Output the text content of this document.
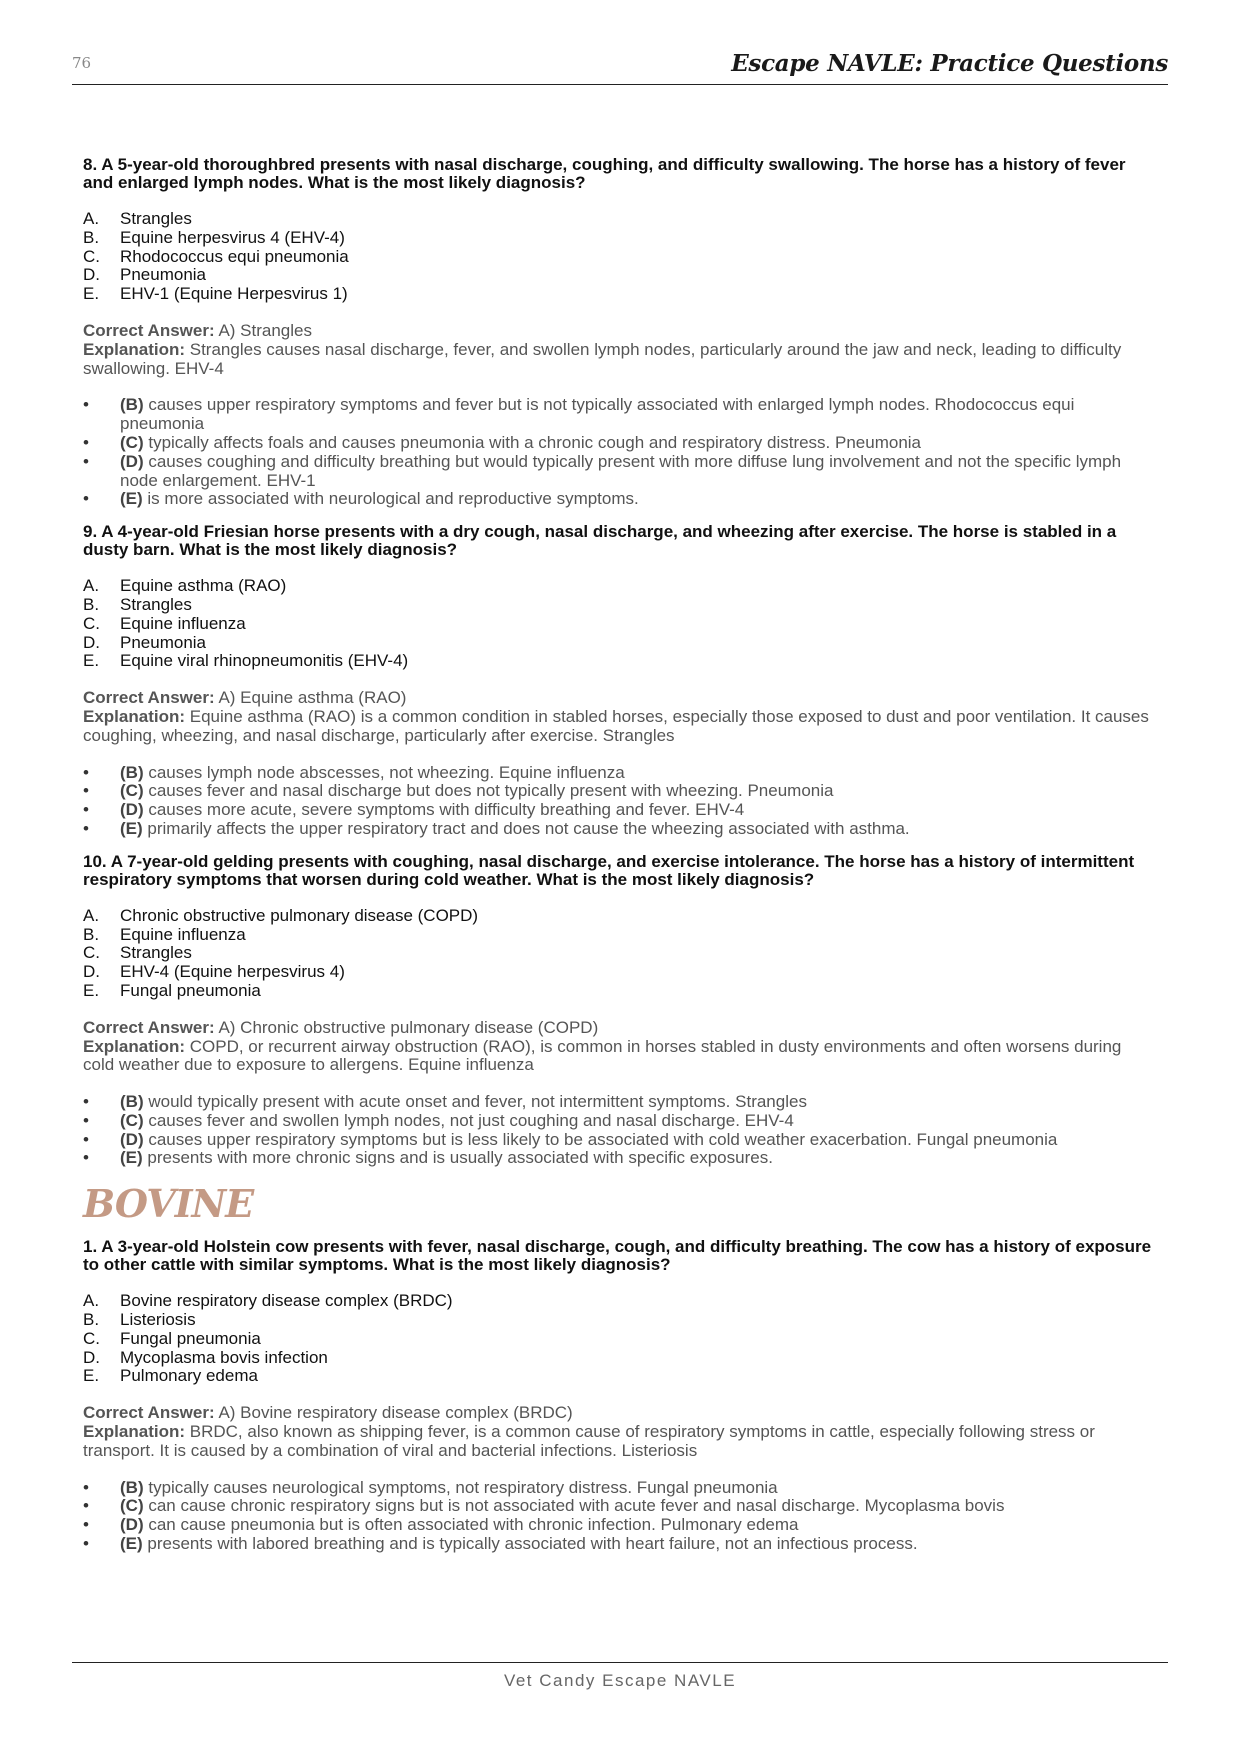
76	Escape NAVLE: Practice Questions

8. A 5-year-old thoroughbred presents with nasal discharge, coughing, and difficulty swallowing. The horse has a history of fever and enlarged lymph nodes. What is the most likely diagnosis?

A. Strangles
B. Equine herpesvirus 4 (EHV-4)
C. Rhodococcus equi pneumonia
D. Pneumonia
E. EHV-1 (Equine Herpesvirus 1)
Correct Answer: A) Strangles
Explanation: Strangles causes nasal discharge, fever, and swollen lymph nodes, particularly around the jaw and neck, leading to difficulty swallowing. EHV-4
• (B) causes upper respiratory symptoms and fever but is not typically associated with enlarged lymph nodes. Rhodococcus equi pneumonia
• (C) typically affects foals and causes pneumonia with a chronic cough and respiratory distress. Pneumonia
• (D) causes coughing and difficulty breathing but would typically present with more diffuse lung involvement and not the specific lymph node enlargement. EHV-1
• (E) is more associated with neurological and reproductive symptoms.

9. A 4-year-old Friesian horse presents with a dry cough, nasal discharge, and wheezing after exercise. The horse is stabled in a dusty barn. What is the most likely diagnosis?

A. Equine asthma (RAO)
B. Strangles
C. Equine influenza
D. Pneumonia
E. Equine viral rhinopneumonitis (EHV-4)
Correct Answer: A) Equine asthma (RAO)
Explanation: Equine asthma (RAO) is a common condition in stabled horses, especially those exposed to dust and poor ventilation. It causes coughing, wheezing, and nasal discharge, particularly after exercise. Strangles
• (B) causes lymph node abscesses, not wheezing. Equine influenza
• (C) causes fever and nasal discharge but does not typically present with wheezing. Pneumonia
• (D) causes more acute, severe symptoms with difficulty breathing and fever. EHV-4
• (E) primarily affects the upper respiratory tract and does not cause the wheezing associated with asthma.

10. A 7-year-old gelding presents with coughing, nasal discharge, and exercise intolerance. The horse has a history of intermittent respiratory symptoms that worsen during cold weather. What is the most likely diagnosis?

A. Chronic obstructive pulmonary disease (COPD)
B. Equine influenza
C. Strangles
D. EHV-4 (Equine herpesvirus 4)
E. Fungal pneumonia
Correct Answer: A) Chronic obstructive pulmonary disease (COPD)
Explanation: COPD, or recurrent airway obstruction (RAO), is common in horses stabled in dusty environments and often worsens during cold weather due to exposure to allergens. Equine influenza
• (B) would typically present with acute onset and fever, not intermittent symptoms. Strangles
• (C) causes fever and swollen lymph nodes, not just coughing and nasal discharge. EHV-4
• (D) causes upper respiratory symptoms but is less likely to be associated with cold weather exacerbation. Fungal pneumonia
• (E) presents with more chronic signs and is usually associated with specific exposures.
BOVINE

1. A 3-year-old Holstein cow presents with fever, nasal discharge, cough, and difficulty breathing. The cow has a history of exposure to other cattle with similar symptoms. What is the most likely diagnosis?

A. Bovine respiratory disease complex (BRDC)
B. Listeriosis
C. Fungal pneumonia
D. Mycoplasma bovis infection
E. Pulmonary edema
Correct Answer: A) Bovine respiratory disease complex (BRDC)
Explanation: BRDC, also known as shipping fever, is a common cause of respiratory symptoms in cattle, especially following stress or transport. It is caused by a combination of viral and bacterial infections. Listeriosis
• (B) typically causes neurological symptoms, not respiratory distress. Fungal pneumonia
• (C) can cause chronic respiratory signs but is not associated with acute fever and nasal discharge. Mycoplasma bovis
• (D) can cause pneumonia but is often associated with chronic infection. Pulmonary edema
• (E) presents with labored breathing and is typically associated with heart failure, not an infectious process.
Vet Candy Escape NAVLE
